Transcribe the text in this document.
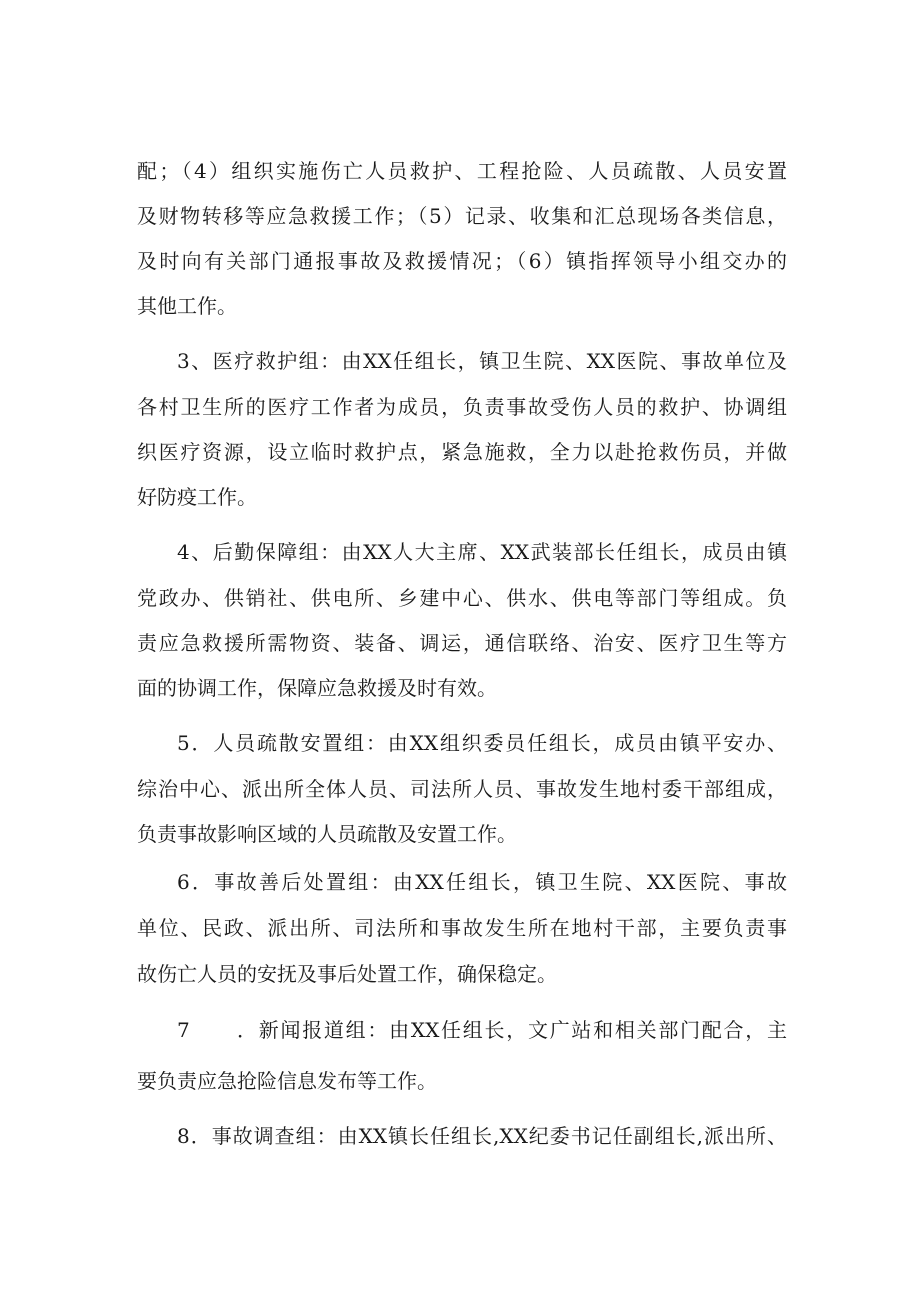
配；（4）组织实施伤亡人员救护、工程抢险、人员疏散、人员安置
及财物转移等应急救援工作；（5）记录、收集和汇总现场各类信息，
及时向有关部门通报事故及救援情况；（6）镇指挥领导小组交办的
其他工作。
3、医疗救护组：由XX任组长，镇卫生院、XX医院、事故单位及
各村卫生所的医疗工作者为成员，负责事故受伤人员的救护、协调组
织医疗资源，设立临时救护点，紧急施救，全力以赴抢救伤员，并做
好防疫工作。
4、后勤保障组：由XX人大主席、XX武装部长任组长，成员由镇
党政办、供销社、供电所、乡建中心、供水、供电等部门等组成。负
责应急救援所需物资、装备、调运，通信联络、治安、医疗卫生等方
面的协调工作，保障应急救援及时有效。
5．人员疏散安置组：由XX组织委员任组长，成员由镇平安办、
综治中心、派出所全体人员、司法所人员、事故发生地村委干部组成，
负责事故影响区域的人员疏散及安置工作。
6．事故善后处置组：由XX任组长，镇卫生院、XX医院、事故
单位、民政、派出所、司法所和事故发生所在地村干部，主要负责事
故伤亡人员的安抚及事后处置工作，确保稳定。
7	．新闻报道组：由XX任组长，文广站和相关部门配合，主
要负责应急抢险信息发布等工作。
8．事故调查组：由XX镇长任组长,XX纪委书记任副组长,派出所、
